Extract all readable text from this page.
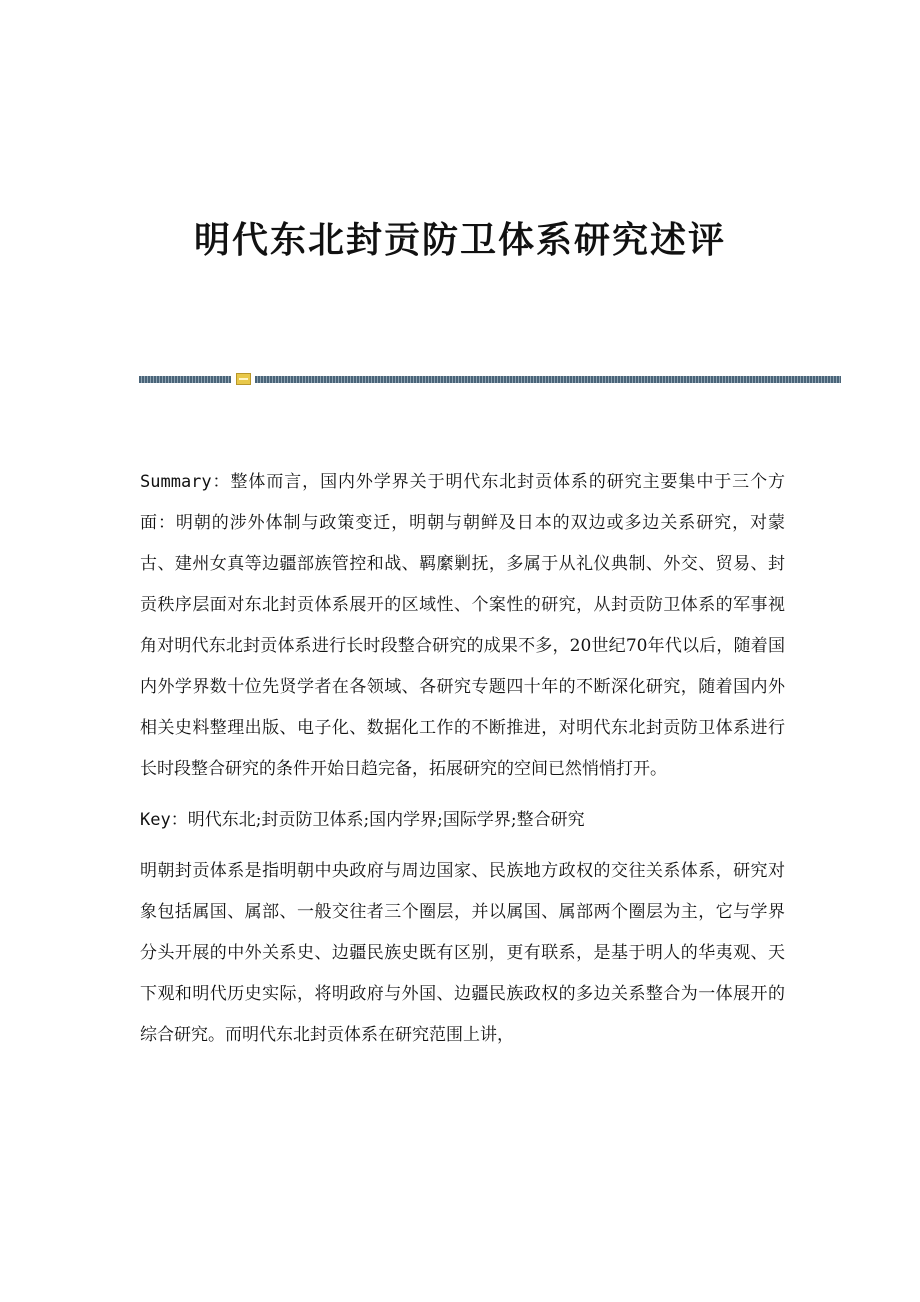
明代东北封贡防卫体系研究述评

Summary：整体而言，国内外学界关于明代东北封贡体系的研究主要集中于三个方面：明朝的涉外体制与政策变迁，明朝与朝鲜及日本的双边或多边关系研究，对蒙古、建州女真等边疆部族管控和战、羁縻剿抚，多属于从礼仪典制、外交、贸易、封贡秩序层面对东北封贡体系展开的区域性、个案性的研究，从封贡防卫体系的军事视角对明代东北封贡体系进行长时段整合研究的成果不多，20世纪70年代以后，随着国内外学界数十位先贤学者在各领域、各研究专题四十年的不断深化研究，随着国内外相关史料整理出版、电子化、数据化工作的不断推进，对明代东北封贡防卫体系进行长时段整合研究的条件开始日趋完备，拓展研究的空间已然悄悄打开。

Key：明代东北;封贡防卫体系;国内学界;国际学界;整合研究

明朝封贡体系是指明朝中央政府与周边国家、民族地方政权的交往关系体系，研究对象包括属国、属部、一般交往者三个圈层，并以属国、属部两个圈层为主，它与学界分头开展的中外关系史、边疆民族史既有区别，更有联系，是基于明人的华夷观、天下观和明代历史实际，将明政府与外国、边疆民族政权的多边关系整合为一体展开的综合研究。而明代东北封贡体系在研究范围上讲，
